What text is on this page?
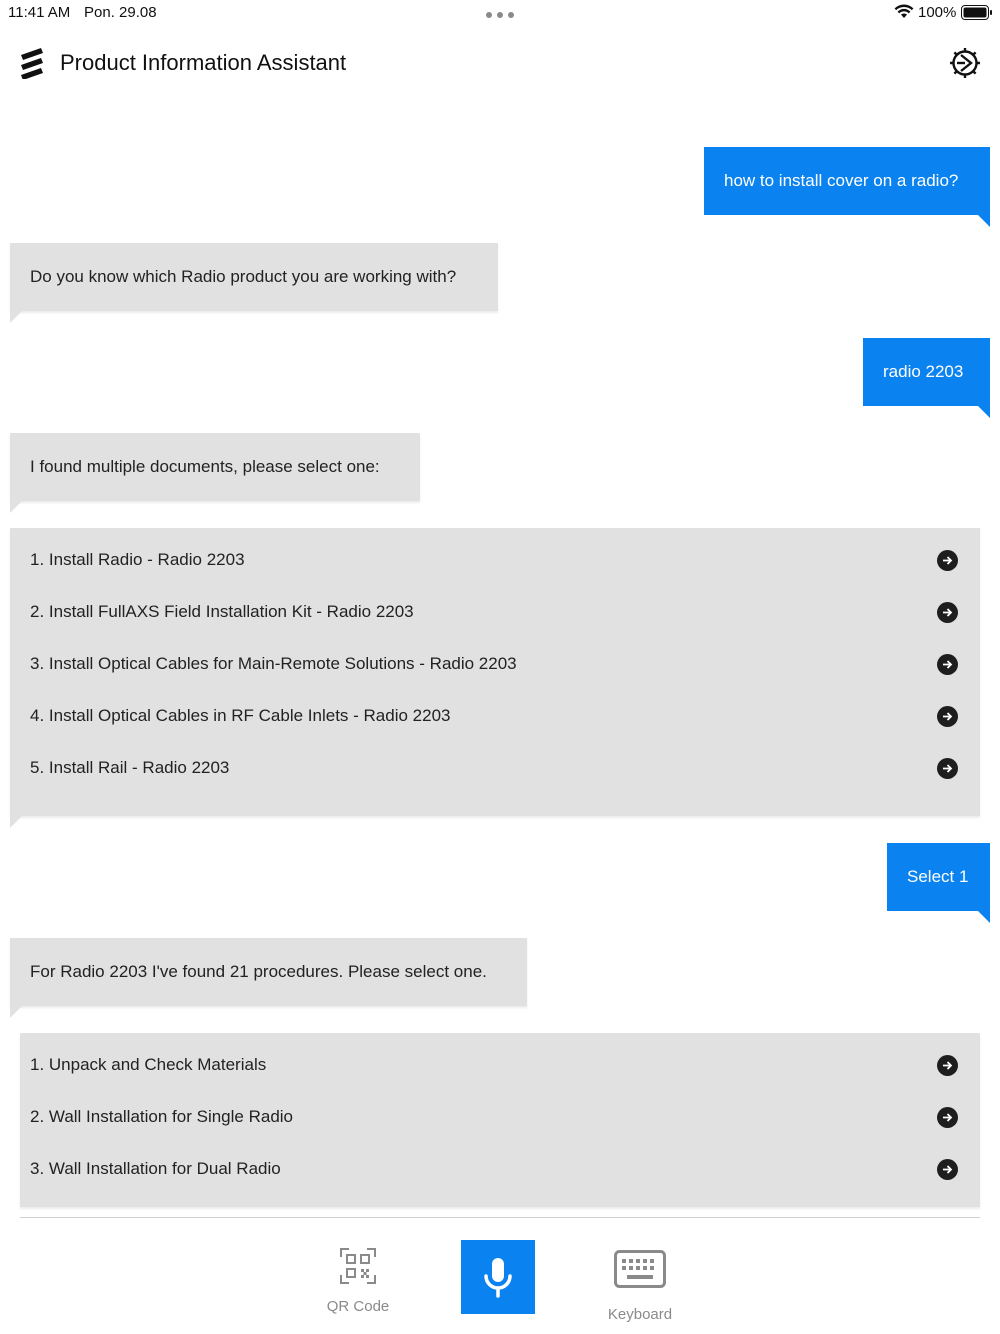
11:41 AM Pon. 29.08	100%
Product Information Assistant
how to install cover on a radio?
Do you know which Radio product you are working with?
radio 2203
I found multiple documents, please select one:
1. Install Radio - Radio 2203
2. Install FullAXS Field Installation Kit - Radio 2203
3. Install Optical Cables for Main-Remote Solutions - Radio 2203
4. Install Optical Cables in RF Cable Inlets - Radio 2203
5. Install Rail - Radio 2203
Select 1
For Radio 2203 I've found 21 procedures. Please select one.
1. Unpack and Check Materials
2. Wall Installation for Single Radio
3. Wall Installation for Dual Radio
QR Code	Keyboard
